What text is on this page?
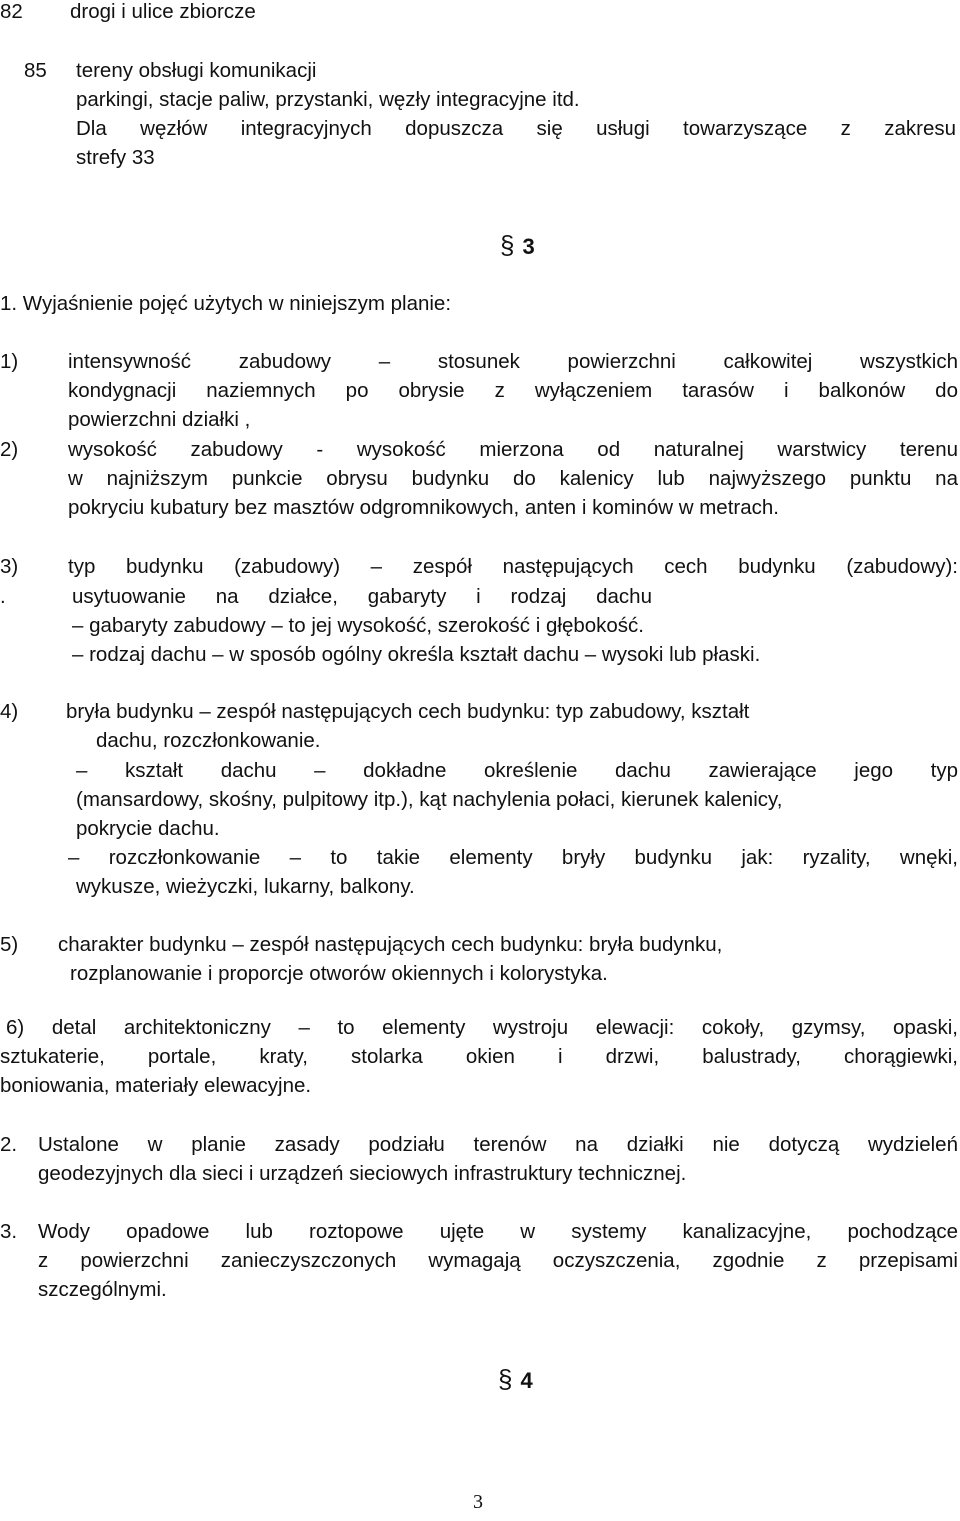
82 drogi i ulice zbiorcze
85 tereny obsługi komunikacji
parkingi, stacje paliw, przystanki, węzły integracyjne itd.
Dla węzłów integracyjnych dopuszcza się usługi towarzyszące z zakresu
strefy 33
§ 3
1. Wyjaśnienie pojęć użytych w niniejszym planie:
1) intensywność zabudowy – stosunek powierzchni całkowitej wszystkich
kondygnacji naziemnych po obrysie z wyłączeniem tarasów i balkonów do
powierzchni działki ,
2) wysokość zabudowy - wysokość mierzona od naturalnej warstwicy terenu
w najniższym punkcie obrysu budynku do kalenicy lub najwyższego punktu na
pokryciu kubatury bez masztów odgromnikowych, anten i kominów w metrach.
3) typ budynku (zabudowy) – zespół następujących cech budynku (zabudowy):
.	usytuowanie na działce, gabaryty i rodzaj dachu
– gabaryty zabudowy – to jej wysokość, szerokość i głębokość.
– rodzaj dachu – w sposób ogólny określa kształt dachu – wysoki lub płaski.
4) bryła budynku – zespół następujących cech budynku: typ zabudowy, kształt
dachu, rozczłonkowanie.
– kształt dachu – dokładne określenie dachu zawierające jego typ
(mansardowy, skośny, pulpitowy itp.), kąt nachylenia połaci, kierunek kalenicy,
pokrycie dachu.
– rozczłonkowanie – to takie elementy bryły budynku jak: ryzality, wnęki,
wykusze, wieżyczki, lukarny, balkony.
5) charakter budynku – zespół następujących cech budynku: bryła budynku,
rozplanowanie i proporcje otworów okiennych i kolorystyka.
6) detal architektoniczny – to elementy wystroju elewacji: cokoły, gzymsy, opaski,
sztukaterie, portale, kraty, stolarka okien i drzwi, balustrady, chorągiewki,
boniowania, materiały elewacyjne.
2. Ustalone w planie zasady podziału terenów na działki nie dotyczą wydzieleń
geodezyjnych dla sieci i urządzeń sieciowych infrastruktury technicznej.
3. Wody opadowe lub roztopowe ujęte w systemy kanalizacyjne, pochodzące
z powierzchni zanieczyszczonych wymagają oczyszczenia, zgodnie z przepisami
szczególnymi.
§ 4
3
